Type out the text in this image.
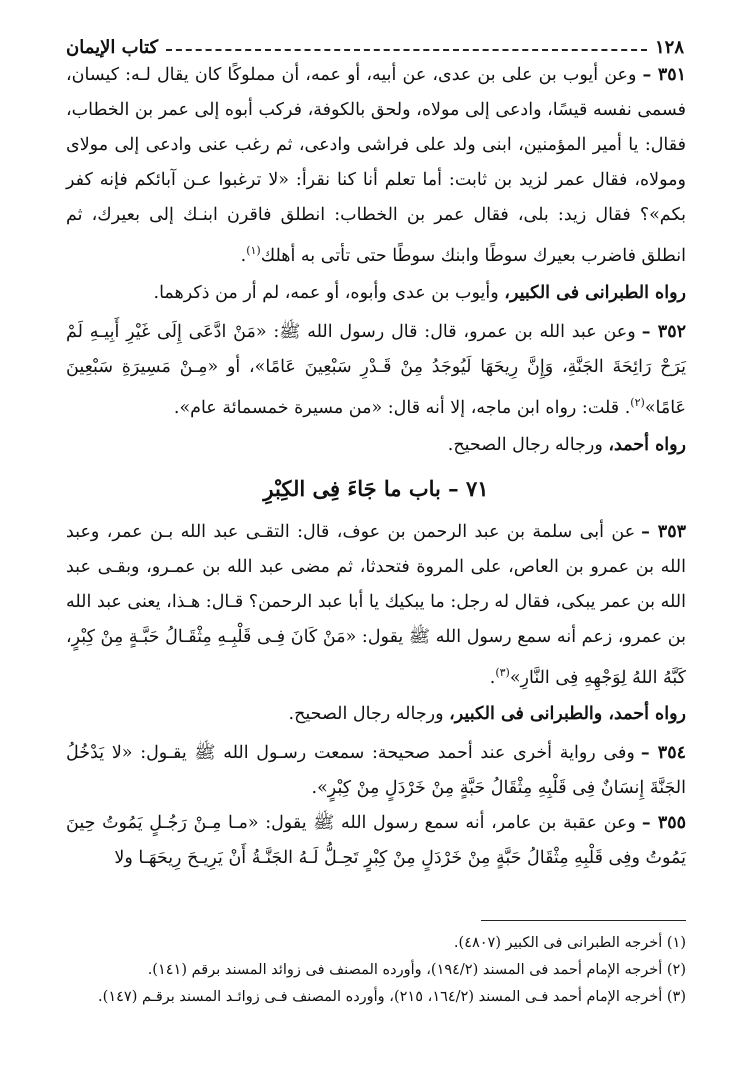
١٢٨
كتاب الإيمان

٣٥١ –وعن أيوب بن على بن عدى، عن أبيه، أو عمه، أن مملوكًا كان يقال لـه: كيسان، فسمى نفسه قيسًا، وادعى إلى مولاه، ولحق بالكوفة، فركب أبوه إلى عمر بن الخطاب، فقال: يا أمير المؤمنين، ابنى ولد على فراشى وادعى، ثم رغب عنى وادعى إلى مولاى ومولاه، فقال عمر لزيد بن ثابت: أما تعلم أنا كنا نقرأ: «لا ترغبوا عـن آبائكم فإنه كفر بكم»؟ فقال زيد: بلى، فقال عمر بن الخطاب: انطلق فاقرن ابنـك إلى بعيرك، ثم انطلق فاضرب بعيرك سوطًا وابنك سوطًا حتى تأتى به أهلك$^{(١)}$.

رواه الطبرانى فى الكبير، وأيوب بن عدى وأبوه، أو عمه، لم أر من ذكرهما.

٣٥٢ –وعن عبد الله بن عمرو، قال: قال رسول الله ﷺ: «مَنْ ادَّعَى إِلَى غَيْرِ أَبِيـهِ لَمْ يَرَحْ رَائِحَةَ الجَنَّةِ، وَإِنَّ رِيحَهَا لَيُوجَدُ مِنْ قَـدْرِ سَبْعِينَ عَامًا»، أو «مِـنْ مَسِيرَةِ سَبْعِينَ عَامًا»$^{(٢)}$. قلت: رواه ابن ماجه، إلا أنه قال: «من مسيرة خمسمائة عام».

رواه أحمد، ورجاله رجال الصحيح.

٧١ – باب ما جَاءَ فِى الكِبْرِ

٣٥٣ –عن أبى سلمة بن عبد الرحمن بن عوف، قال: التقـى عبد الله بـن عمر، وعبد الله بن عمرو بن العاص، على المروة فتحدثا، ثم مضى عبد الله بن عمـرو، وبقـى عبد الله بن عمر يبكى، فقال له رجل: ما يبكيك يا أبا عبد الرحمن؟ قـال: هـذا، يعنى عبد الله بن عمرو، زعم أنه سمع رسول الله ﷺ يقول: «مَنْ كَانَ فِـى قَلْبِـهِ مِثْقَـالُ حَبَّـةٍ مِنْ كِبْرٍ، كَبَّهُ اللهُ لِوَجْهِهِ فِى النَّارِ»$^{(٣)}$.

رواه أحمد، والطبرانى فى الكبير، ورجاله رجال الصحيح.

٣٥٤ –وفى رواية أخرى عند أحمد صحيحة: سمعت رسـول الله ﷺ يقـول: «لا يَدْخُلُ الجَنَّةَ إِنسَانٌ فِى قَلْبِهِ مِثْقَالُ حَبَّةٍ مِنْ خَرْدَلٍ مِنْ كِبْرٍ».

٣٥٥ –وعن عقبة بن عامر، أنه سمع رسول الله ﷺ يقول: «مـا مِـنْ رَجُـلٍ يَمُوتُ حِينَ يَمُوتُ وفِى قَلْبِهِ مِثْقَالُ حَبَّةٍ مِنْ خَرْدَلٍ مِنْ كِبْرٍ تَحِـلُّ لَـهُ الجَنَّـةُ أَنْ يَرِيـحَ رِيحَهَـا ولا

(١) أخرجه الطبرانى فى الكبير (٤٨٠٧).
(٢) أخرجه الإمام أحمد فى المسند (١٩٤/٢)، وأورده المصنف فى زوائد المسند برقم (١٤١).
(٣) أخرجه الإمام أحمد فـى المسند (١٦٤/٢، ٢١٥)، وأورده المصنف فـى زوائـد المسند برقـم (١٤٧).
